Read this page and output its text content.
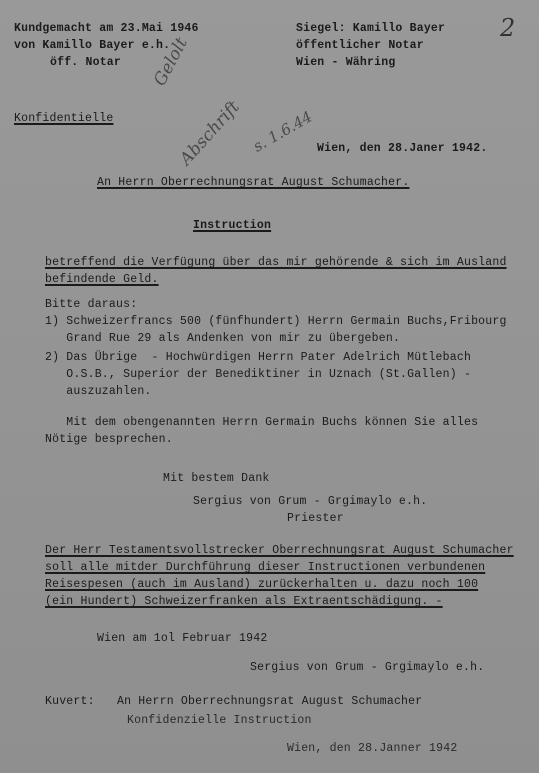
Kundgemacht am 23.Mai 1946
von Kamillo Bayer e.h.
öff. Notar
Siegel: Kamillo Bayer
öffentlicher Notar
Wien - Währing
2
Gelolt
Abschrift s. 1.6.44
Konfidentielle
Wien, den 28.Janer 1942.
An Herrn Oberrechnungsrat August Schumacher.
Instruction
betreffend die Verfügung über das mir gehörende & sich im Ausland
befindende Geld.
Bitte daraus:
1) Schweizerfrancs 500 (fünfhundert) Herrn Germain Buchs,Fribourg
Grand Rue 29 als Andenken von mir zu übergeben.
2) Das Übrige  - Hochwürdigen Herrn Pater Adelrich Mütlebach
O.S.B., Superior der Benediktiner in Uznach (St.Gallen) -
auszuzahlen.
Mit dem obengenannten Herrn Germain Buchs können Sie alles
Nötige besprechen.
Mit bestem Dank
Sergius von Grum - Grgimaylo e.h.
Priester
Der Herr Testamentsvollstrecker Oberrechnungsrat August Schumacher
soll alle mitder Durchführung dieser Instructionen verbundenen
Reisespesen (auch im Ausland) zurückerhalten u. dazu noch 100
(ein Hundert) Schweizerfranken als Extraentschädigung. -
Wien am 1ol Februar 1942
Sergius von Grum - Grgimaylo e.h.
Kuvert: An Herrn Oberrechnungsrat August Schumacher
Konfidenzielle Instruction
Wien, den 28.Janner 1942
